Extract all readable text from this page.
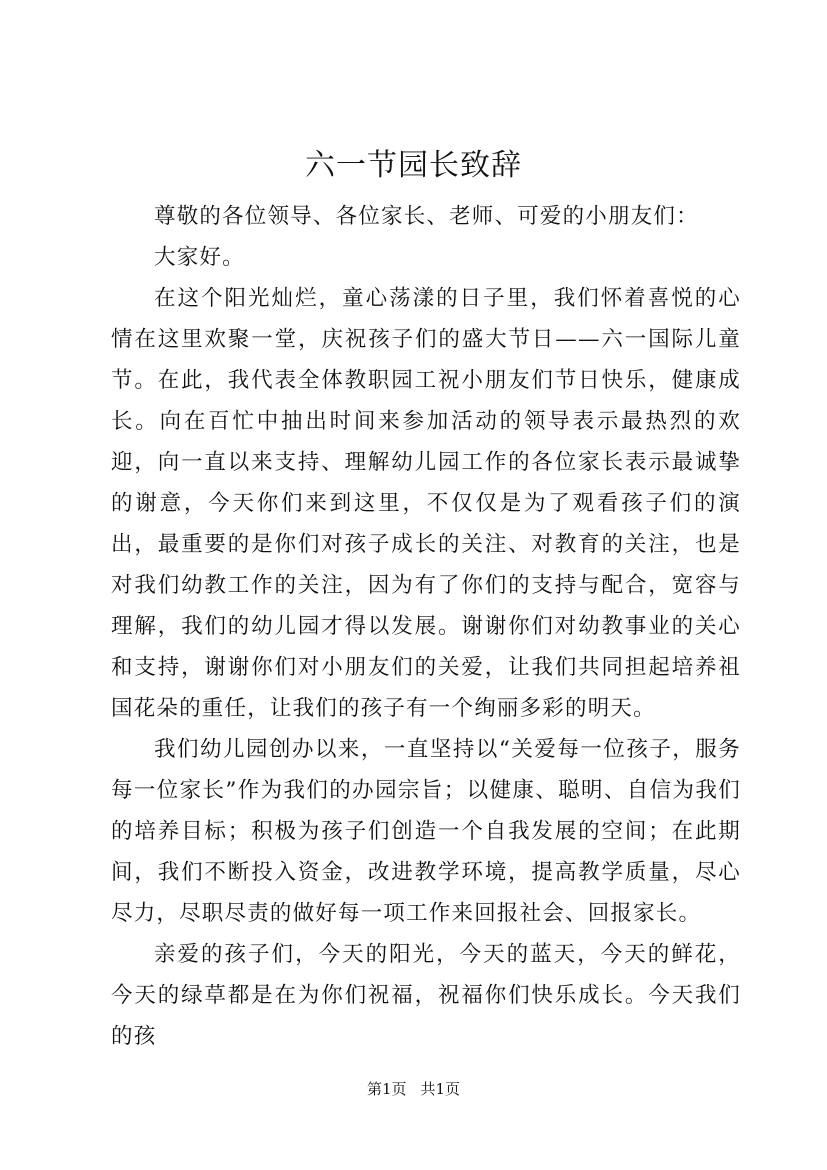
六一节园长致辞

尊敬的各位领导、各位家长、老师、可爱的小朋友们：

大家好。

在这个阳光灿烂，童心荡漾的日子里，我们怀着喜悦的心情在这里欢聚一堂，庆祝孩子们的盛大节日——六一国际儿童节。在此，我代表全体教职园工祝小朋友们节日快乐，健康成长。向在百忙中抽出时间来参加活动的领导表示最热烈的欢迎，向一直以来支持、理解幼儿园工作的各位家长表示最诚挚的谢意，今天你们来到这里，不仅仅是为了观看孩子们的演出，最重要的是你们对孩子成长的关注、对教育的关注，也是对我们幼教工作的关注，因为有了你们的支持与配合，宽容与理解，我们的幼儿园才得以发展。谢谢你们对幼教事业的关心和支持，谢谢你们对小朋友们的关爱，让我们共同担起培养祖国花朵的重任，让我们的孩子有一个绚丽多彩的明天。

我们幼儿园创办以来，一直坚持以“关爱每一位孩子，服务每一位家长”作为我们的办园宗旨；以健康、聪明、自信为我们的培养目标；积极为孩子们创造一个自我发展的空间；在此期间，我们不断投入资金，改进教学环境，提高教学质量，尽心尽力，尽职尽责的做好每一项工作来回报社会、回报家长。

亲爱的孩子们，今天的阳光，今天的蓝天，今天的鲜花，今天的绿草都是在为你们祝福，祝福你们快乐成长。今天我们的孩

第1页 共1页
